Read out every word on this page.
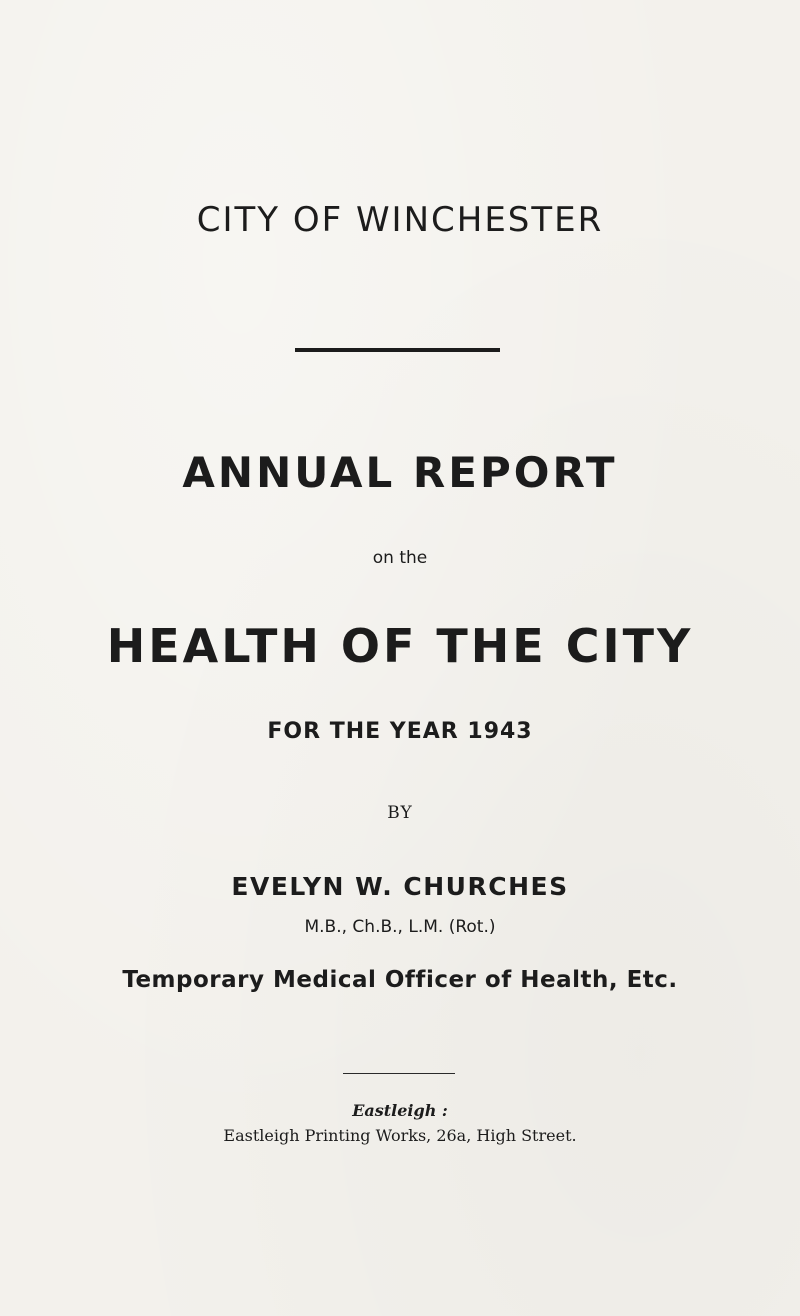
CITY OF WINCHESTER
ANNUAL REPORT
on the
HEALTH OF THE CITY
FOR THE YEAR 1943
BY
EVELYN W. CHURCHES
M.B., Ch.B., L.M. (Rot.)
Temporary Medical Officer of Health, Etc.
Eastleigh :
Eastleigh Printing Works, 26a, High Street.
